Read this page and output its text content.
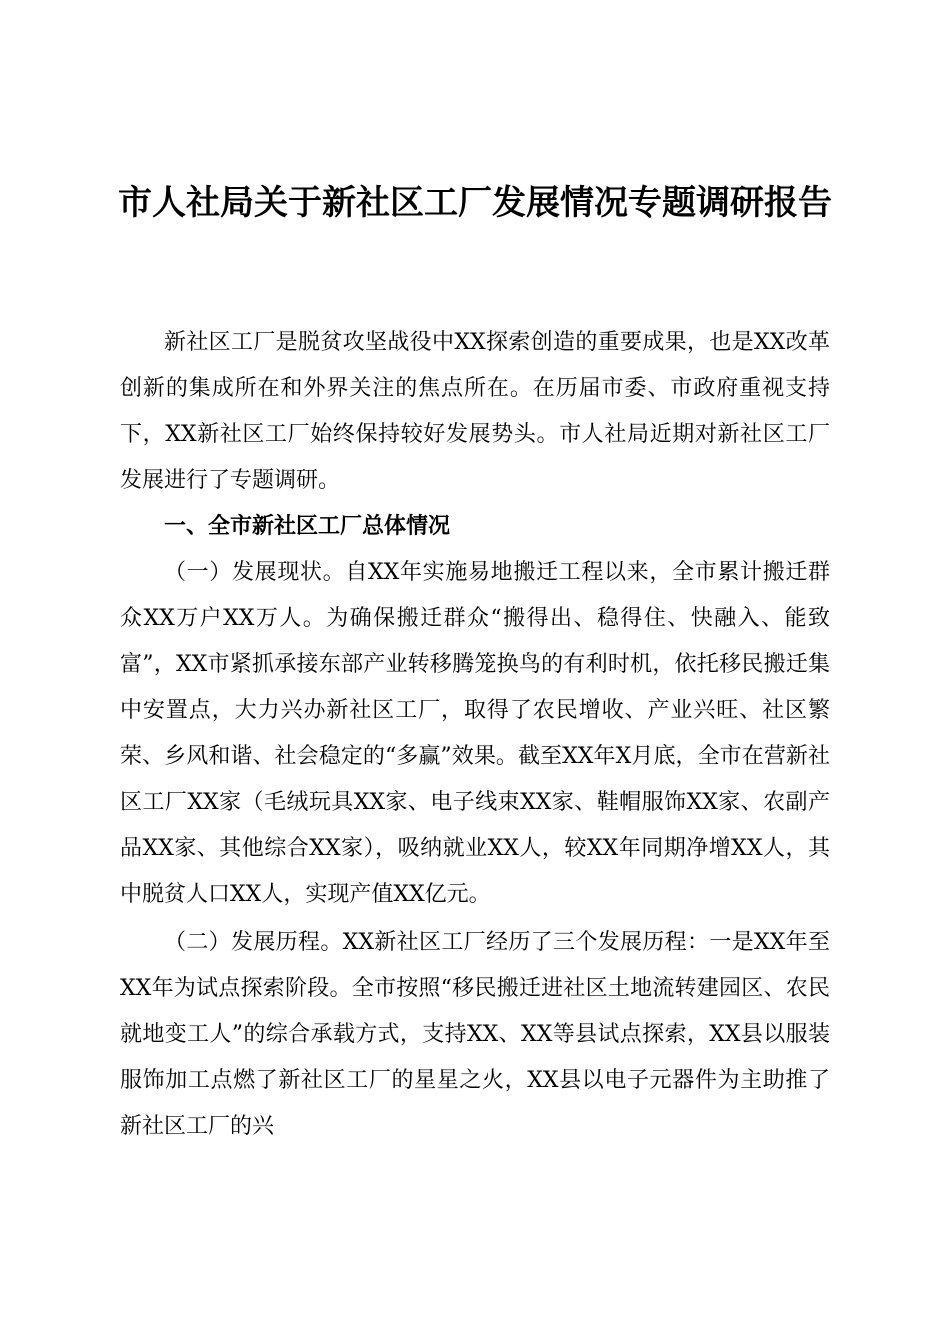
市人社局关于新社区工厂发展情况专题调研报告

新社区工厂是脱贫攻坚战役中XX探索创造的重要成果，也是XX改革创新的集成所在和外界关注的焦点所在。在历届市委、市政府重视支持下，XX新社区工厂始终保持较好发展势头。市人社局近期对新社区工厂发展进行了专题调研。

一、全市新社区工厂总体情况

（一）发展现状。自XX年实施易地搬迁工程以来，全市累计搬迁群众XX万户XX万人。为确保搬迁群众“搬得出、稳得住、快融入、能致富”，XX市紧抓承接东部产业转移腾笼换鸟的有利时机，依托移民搬迁集中安置点，大力兴办新社区工厂，取得了农民增收、产业兴旺、社区繁荣、乡风和谐、社会稳定的“多赢”效果。截至XX年X月底，全市在营新社区工厂XX家（毛绒玩具XX家、电子线束XX家、鞋帽服饰XX家、农副产品XX家、其他综合XX家），吸纳就业XX人，较XX年同期净增XX人，其中脱贫人口XX人，实现产值XX亿元。

（二）发展历程。XX新社区工厂经历了三个发展历程：一是XX年至XX年为试点探索阶段。全市按照“移民搬迁进社区土地流转建园区、农民就地变工人”的综合承载方式，支持XX、XX等县试点探索，XX县以服装服饰加工点燃了新社区工厂的星星之火，XX县以电子元器件为主助推了新社区工厂的兴
